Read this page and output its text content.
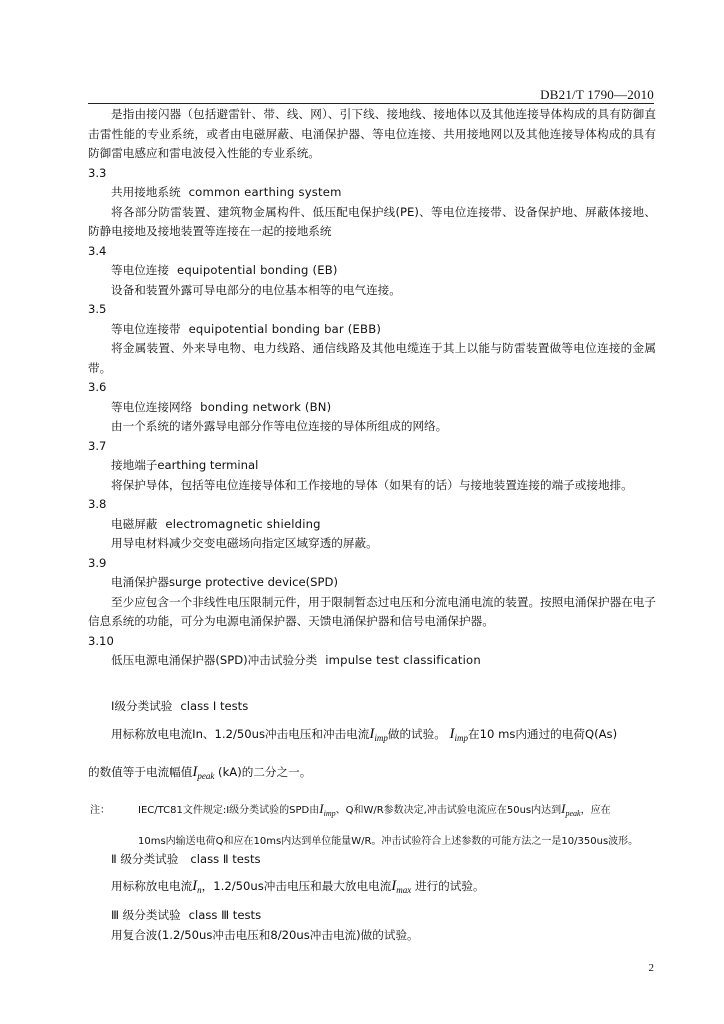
DB21/T 1790—2010

是指由接闪器（包括避雷针、带、线、网）、引下线、接地线、接地体以及其他连接导体构成的具有防御直击雷性能的专业系统，或者由电磁屏蔽、电涌保护器、等电位连接、共用接地网以及其他连接导体构成的具有防御雷电感应和雷电波侵入性能的专业系统。

3.3

共用接地系统 common earthing system

将各部分防雷装置、建筑物金属构件、低压配电保护线(PE)、等电位连接带、设备保护地、屏蔽体接地、防静电接地及接地装置等连接在一起的接地系统

3.4

等电位连接 equipotential bonding (EB)

设备和装置外露可导电部分的电位基本相等的电气连接。

3.5

等电位连接带 equipotential bonding bar (EBB)

将金属装置、外来导电物、电力线路、通信线路及其他电缆连于其上以能与防雷装置做等电位连接的金属带。

3.6

等电位连接网络 bonding network (BN)

由一个系统的诸外露导电部分作等电位连接的导体所组成的网络。

3.7

接地端子earthing terminal

将保护导体，包括等电位连接导体和工作接地的导体（如果有的话）与接地装置连接的端子或接地排。

3.8

电磁屏蔽 electromagnetic shielding

用导电材料减少交变电磁场向指定区域穿透的屏蔽。

3.9

电涌保护器surge protective device(SPD)

至少应包含一个非线性电压限制元件，用于限制暂态过电压和分流电涌电流的装置。按照电涌保护器在电子信息系统的功能，可分为电源电涌保护器、天馈电涌保护器和信号电涌保护器。

3.10

低压电源电涌保护器(SPD)冲击试验分类 impulse test classification

Ⅰ级分类试验 class Ⅰ tests
用标称放电电流In、1.2/50us冲击电压和冲击电流$I_{imp}$做的试验。 $I_{imp}$在10 ms内通过的电荷Q(As)
的数值等于电流幅值$I_{peak}$ (kA)的二分之一。
注：	IEC/TC81文件规定:Ⅰ级分类试验的SPD由$I_{imp}$、Q和W/R参数决定,冲击试验电流应在50us内达到$I_{peak}$，应在
10ms内输送电荷Q和应在10ms内达到单位能量W/R。冲击试验符合上述参数的可能方法之一是10/350us波形。
Ⅱ 级分类试验 class Ⅱ tests
用标称放电电流$I_n$，1.2/50us冲击电压和最大放电电流$I_{max}$ 进行的试验。
Ⅲ 级分类试验 class Ⅲ tests
用复合波(1.2/50us冲击电压和8/20us冲击电流)做的试验。
2
